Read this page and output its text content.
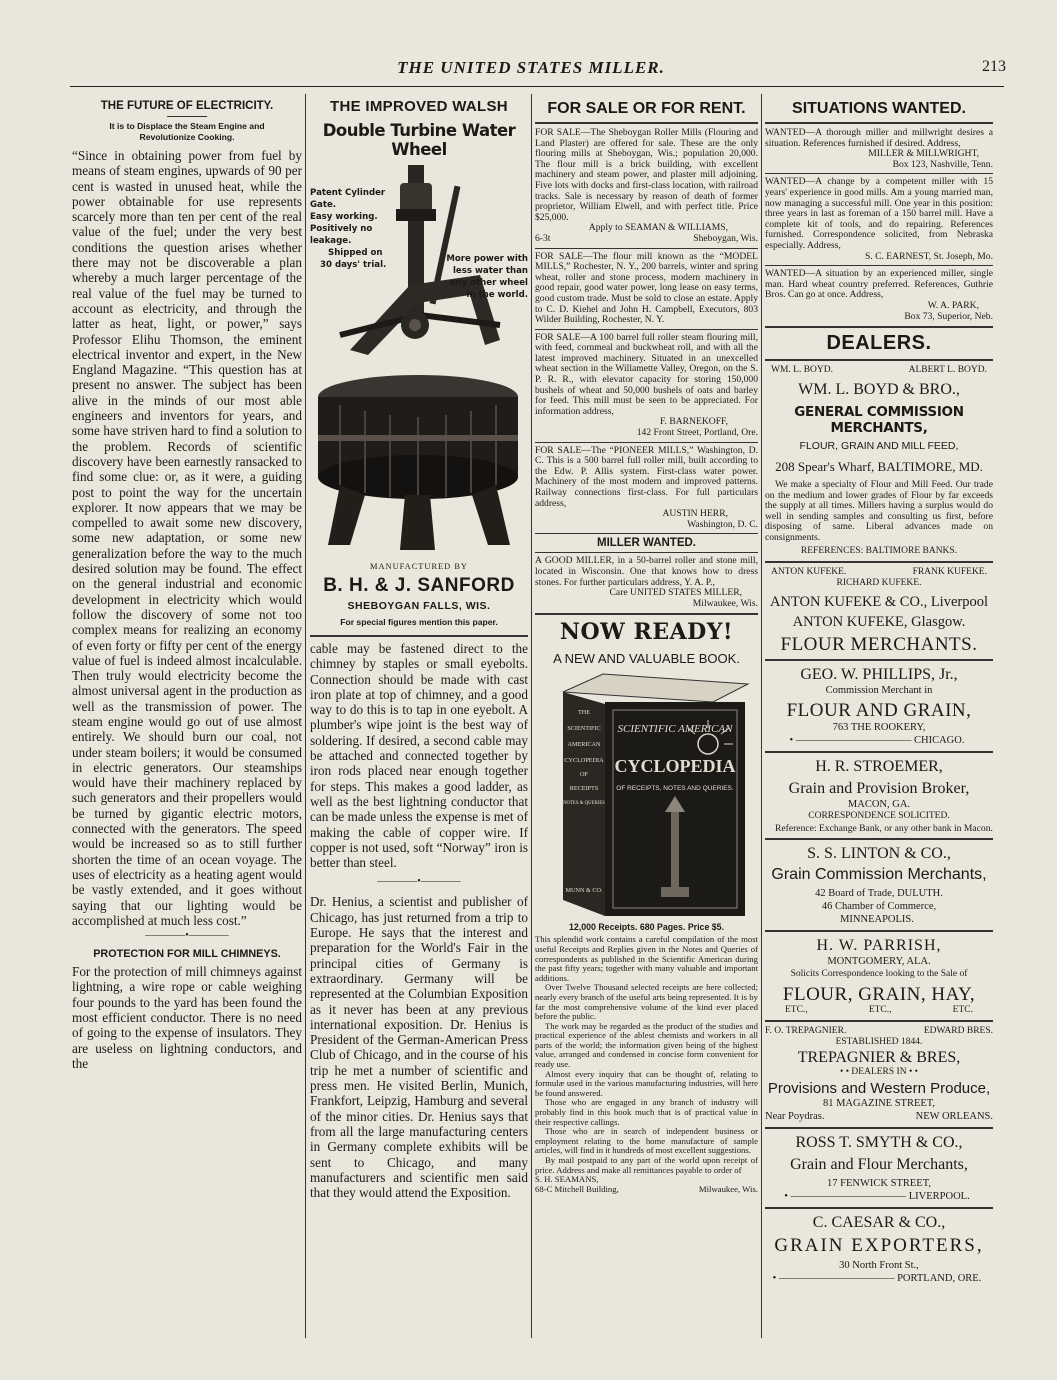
THE UNITED STATES MILLER.	213
THE FUTURE OF ELECTRICITY.
It is to Displace the Steam Engine and Revolutionize Cooking.

“Since in obtaining power from fuel by means of steam engines, upwards of 90 per cent is wasted in unused heat, while the power obtainable for use represents scarcely more than ten per cent of the real value of the fuel; under the very best conditions the question arises whether there may not be discoverable a plan whereby a much larger percentage of the real value of the fuel may be turned to account as electricity, and through the latter as heat, light, or power,” says Professor Elihu Thomson, the eminent electrical inventor and expert, in the New England Magazine. “This question has at present no answer. The subject has been alive in the minds of our most able engineers and inventors for years, and some have striven hard to find a solution to the problem. Records of scientific discovery have been earnestly ransacked to find some clue: or, as it were, a guiding post to point the way for the uncertain explorer. It now appears that we may be compelled to await some new discovery, some new adaptation, or some new generalization before the way to the much desired solution may be found. The effect on the general industrial and economic development in electricity which would follow the discovery of some not too complex means for realizing an economy of even forty or fifty per cent of the energy value of fuel is indeed almost incalculable. Then truly would electricity become the almost universal agent in the production as well as the transmission of power. The steam engine would go out of use almost entirely. We should burn our coal, not under steam boilers; it would be consumed in electric generators. Our steamships would have their machinery replaced by such generators and their propellers would be turned by gigantic electric motors, connected with the generators. The speed would be increased so as to still further shorten the time of an ocean voyage. The uses of electricity as a heating agent would be vastly extended, and it goes without saying that our lighting would be accomplished at much less cost.”

————•————
PROTECTION FOR MILL CHIMNEYS.

For the protection of mill chimneys against lightning, a wire rope or cable weighing four pounds to the yard has been found the most efficient conductor. There is no need of going to the expense of insulators. They are useless on lightning conductors, and the

THE IMPROVED WALSH
Double Turbine Water Wheel
Patent Cylinder Gate.
Easy working.
Positively no leakage.
Shipped on
30 days' trial.
More power with
less water than
any other wheel
in the world.
MANUFACTURED BY
B. H. & J. SANFORD
SHEBOYGAN FALLS, WIS.
For special figures mention this paper.

cable may be fastened direct to the chimney by staples or small eyebolts. Connection should be made with cast iron plate at top of chimney, and a good way to do this is to tap in one eyebolt. A plumber's wipe joint is the best way of soldering. If desired, a second cable may be attached and connected together by iron rods placed near enough together for steps. This makes a good ladder, as well as the best lightning conductor that can be made unless the expense is met of making the cable of copper wire. If copper is not used, soft “Norway” iron is better than steel.

————•————

Dr. Henius, a scientist and publisher of Chicago, has just returned from a trip to Europe. He says that the interest and preparation for the World's Fair in the principal cities of Germany is extraordinary. Germany will be represented at the Columbian Exposition as it never has been at any previous international exposition. Dr. Henius is President of the German-American Press Club of Chicago, and in the course of his trip he met a number of scientific and press men. He visited Berlin, Munich, Frankfort, Leipzig, Hamburg and several of the minor cities. Dr. Henius says that from all the large manufacturing centers in Germany complete exhibits will be sent to Chicago, and many manufacturers and scientific men said that they would attend the Exposition.

FOR SALE OR FOR RENT.

FOR SALE—The Sheboygan Roller Mills (Flouring and Land Plaster) are offered for sale. These are the only flouring mills at Sheboygan, Wis.; population 20,000. The flour mill is a brick building, with excellent machinery and steam power, and plaster mill adjoining. Five lots with docks and first-class location, with railroad tracks. Sale is necessary by reason of death of former proprietor, William Elwell, and with perfect title. Price $25,000.

Apply to SEAMAN & WILLIAMS,
6-3t	Sheboygan, Wis.

FOR SALE—The flour mill known as the “MODEL MILLS,” Rochester, N. Y., 200 barrels, winter and spring wheat, roller and stone process, modern machinery in good repair, good water power, long lease on easy terms, good custom trade. Must be sold to close an estate. Apply to C. D. Kiehel and John H. Campbell, Executors, 803 Wilder Building, Rochester, N. Y.

FOR SALE—A 100 barrel full roller steam flouring mill, with feed, cornmeal and buckwheat roll, and with all the latest improved machinery. Situated in an unexcelled wheat section in the Willamette Valley, Oregon, on the S. P. R. R., with elevator capacity for storing 150,000 bushels of wheat and 50,000 bushels of oats and barley for feed. This mill must be seen to be appreciated. For information address,

F. BARNEKOFF,
142 Front Street, Portland, Ore.

FOR SALE—The “PIONEER MILLS,” Washington, D. C. This is a 500 barrel full roller mill, built according to the Edw. P. Allis system. First-class water power. Machinery of the most modern and improved patterns. Railway connections first-class. For full particulars address,

AUSTIN HERR,
Washington, D. C.
MILLER WANTED.

A GOOD MILLER, in a 50-barrel roller and stone mill, located in Wisconsin. One that knows how to dress stones. For further particulars address, Y. A. P.,

Care UNITED STATES MILLER,
Milwaukee, Wis.
NOW READY!
A NEW AND VALUABLE BOOK.
SCIENTIFIC AMERICAN
CYCLOPEDIA
OF RECEIPTS, NOTES AND QUERIES.
THE
SCIENTIFIC
AMERICAN
CYCLOPEDIA
OF
RECEIPTS
NOTES & QUERIES
MUNN & CO.
12,000 Receipts. 680 Pages. Price $5.

This splendid work contains a careful compilation of the most useful Receipts and Replies given in the Notes and Queries of correspondents as published in the Scientific American during the past fifty years; together with many valuable and important additions.

Over Twelve Thousand selected receipts are here collected; nearly every branch of the useful arts being represented. It is by far the most comprehensive volume of the kind ever placed before the public.

The work may be regarded as the product of the studies and practical experience of the ablest chemists and workers in all parts of the world; the information given being of the highest value, arranged and condensed in concise form convenient for ready use.

Almost every inquiry that can be thought of, relating to formulæ used in the various manufacturing industries, will here be found answered.

Those who are engaged in any branch of industry will probably find in this book much that is of practical value in their respective callings.

Those who are in search of independent business or employment relating to the home manufacture of sample articles, will find in it hundreds of most excellent suggestions.

By mail postpaid to any part of the world upon receipt of price. Address and make all remittances payable to order of

S. H. SEAMANS,
68-C Mitchell Building,	Milwaukee, Wis.
SITUATIONS WANTED.

WANTED—A thorough miller and millwright desires a situation. References furnished if desired. Address,

MILLER & MILLWRIGHT,
Box 123, Nashville, Tenn.

WANTED—A change by a competent miller with 15 years' experience in good mills. Am a young married man, now managing a successful mill. One year in this position: three years in last as foreman of a 150 barrel mill. Have a complete kit of tools, and do repairing. References furnished. Correspondence solicited, from Nebraska especially. Address,

S. C. EARNEST, St. Joseph, Mo.

WANTED—A situation by an experienced miller, single man. Hard wheat country preferred. References, Guthrie Bros. Can go at once. Address,

W. A. PARK,
Box 73, Superior, Neb.
DEALERS.
WM. L. BOYD.	ALBERT L. BOYD.
WM. L. BOYD & BRO.,
GENERAL COMMISSION MERCHANTS,
FLOUR, GRAIN AND MILL FEED,
208 Spear's Wharf, BALTIMORE, MD.

We make a specialty of Flour and Mill Feed. Our trade on the medium and lower grades of Flour by far exceeds the supply at all times. Millers having a surplus would do well in sending samples and consulting us first, before disposing of same. Liberal advances made on consignments.

REFERENCES: BALTIMORE BANKS.
ANTON KUFEKE.	FRANK KUFEKE.
RICHARD KUFEKE.
ANTON KUFEKE & CO., Liverpool
ANTON KUFEKE, Glasgow.
FLOUR MERCHANTS.
GEO. W. PHILLIPS, Jr.,
Commission Merchant in
FLOUR AND GRAIN,
763 THE ROOKERY,
• ——————————— CHICAGO.
H. R. STROEMER,
Grain and Provision Broker,
MACON, GA.
CORRESPONDENCE SOLICITED.

Reference: Exchange Bank, or any other bank in Macon.

S. S. LINTON & CO.,
Grain Commission Merchants,
42 Board of Trade, DULUTH.
46 Chamber of Commerce,
MINNEAPOLIS.
H. W. PARRISH,
MONTGOMERY, ALA.
Solicits Correspondence looking to the Sale of
FLOUR, GRAIN, HAY,
ETC.,	ETC.,	ETC.
F. O. TREPAGNIER.	EDWARD BRES.
ESTABLISHED 1844.
TREPAGNIER & BRES,
• • DEALERS IN • •
Provisions and Western Produce,
81 MAGAZINE STREET,
Near Poydras.	NEW ORLEANS.
ROSS T. SMYTH & CO.,
Grain and Flour Merchants,
17 FENWICK STREET,
• ——————————— LIVERPOOL.
C. CAESAR & CO.,
GRAIN EXPORTERS,
30 North Front St.,
• ——————————— PORTLAND, ORE.
